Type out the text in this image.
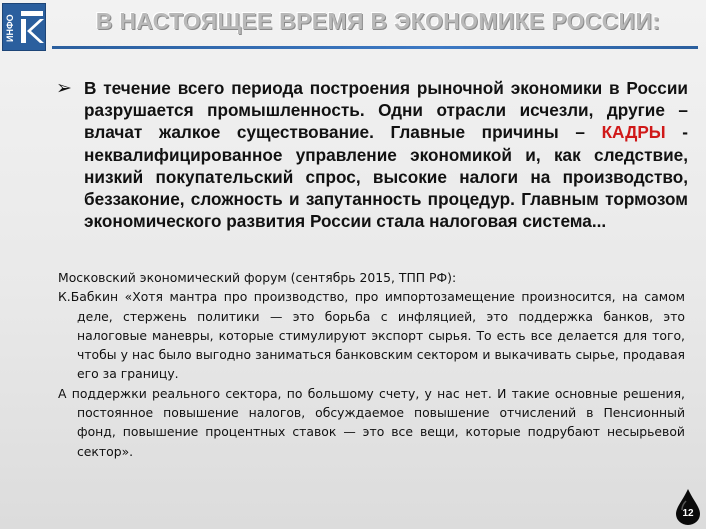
ИНФО	В НАСТОЯЩЕЕ ВРЕМЯ В ЭКОНОМИКЕ РОССИИ:
➢ В течение всего периода построения рыночной экономики в России разрушается промышленность. Одни отрасли исчезли, другие – влачат жалкое существование. Главные причины – КАДРЫ - неквалифицированное управление экономикой и, как следствие, низкий покупательский спрос, высокие налоги на производство, беззаконие, сложность и запутанность процедур. Главным тормозом экономического развития России стала налоговая система...

Московский экономический форум (сентябрь 2015, ТПП РФ):

К.Бабкин «Хотя мантра про производство, про импортозамещение произносится, на самом деле, стержень политики — это борьба с инфляцией, это поддержка банков, это налоговые маневры, которые стимулируют экспорт сырья. То есть все делается для того, чтобы у нас было выгодно заниматься банковским сектором и выкачивать сырье, продавая его за границу.

А поддержки реального сектора, по большому счету, у нас нет. И такие основные решения, постоянное повышение налогов, обсуждаемое повышение отчислений в Пенсионный фонд, повышение процентных ставок — это все вещи, которые подрубают несырьевой сектор».

12
